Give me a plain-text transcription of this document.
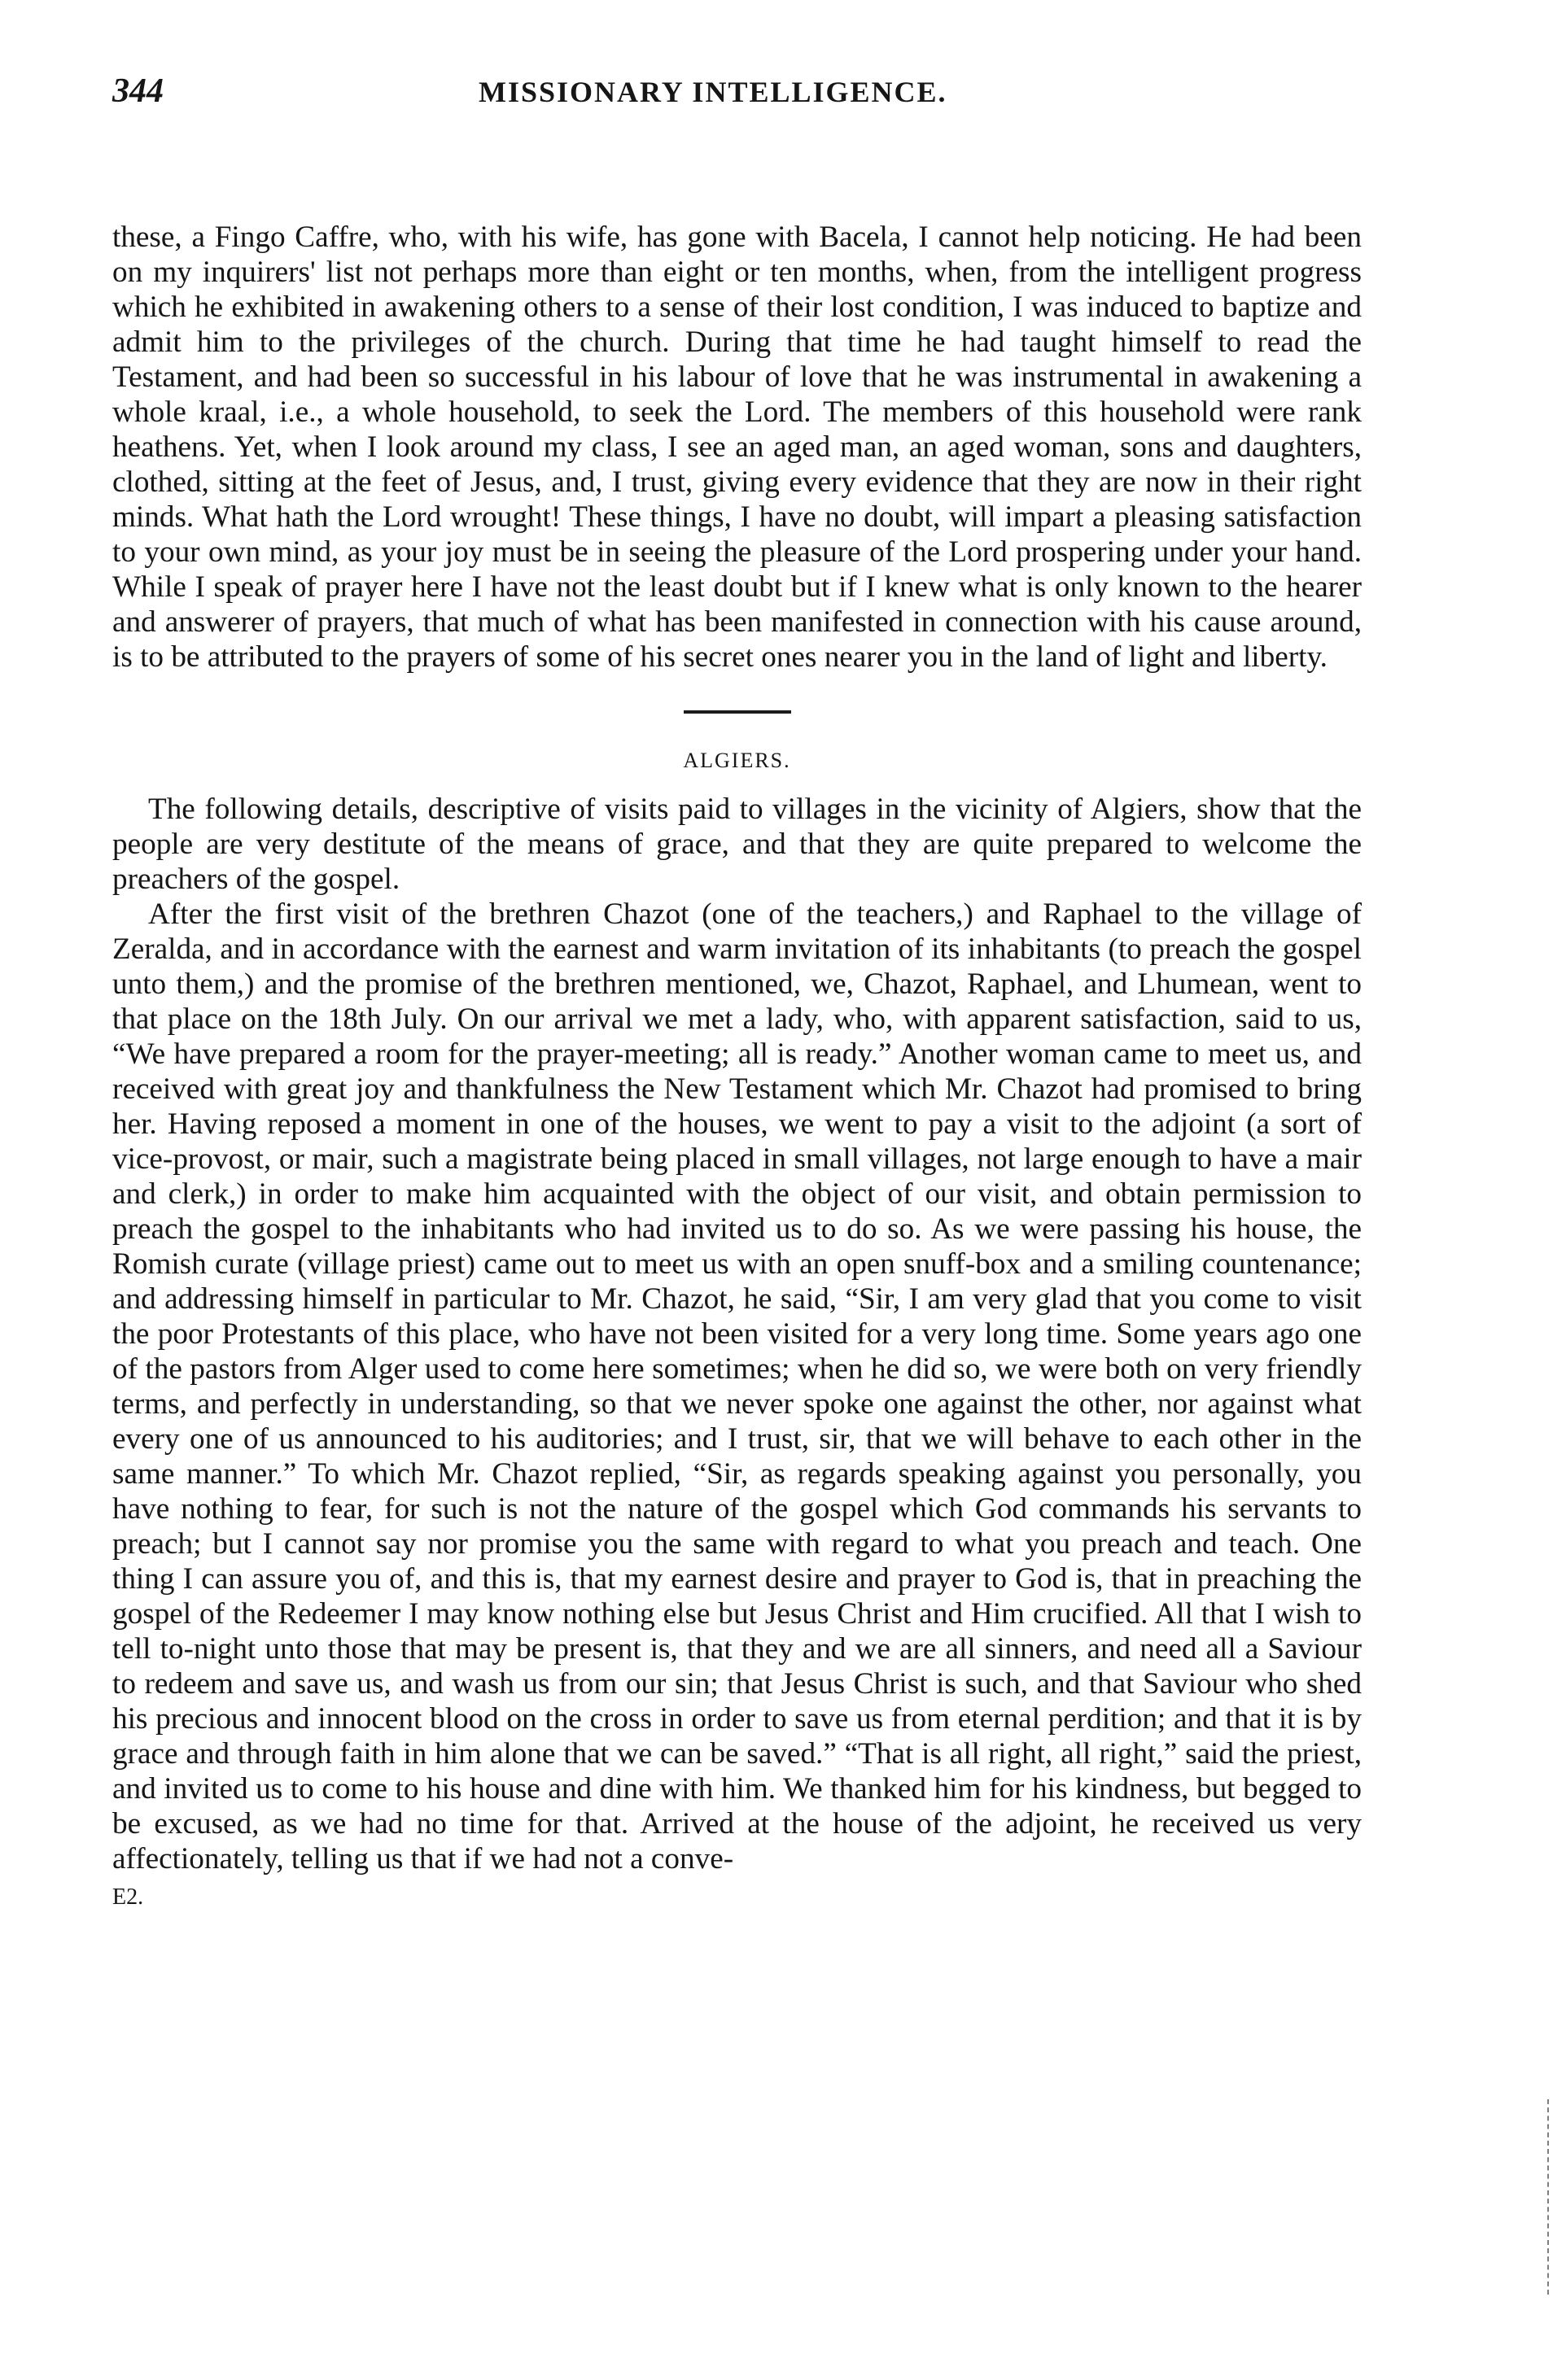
344	MISSIONARY INTELLIGENCE.

these, a Fingo Caffre, who, with his wife, has gone with Bacela, I cannot help noticing. He had been on my inquirers' list not perhaps more than eight or ten months, when, from the intelligent progress which he exhibited in awakening others to a sense of their lost condition, I was induced to baptize and admit him to the privileges of the church. During that time he had taught himself to read the Testament, and had been so successful in his labour of love that he was instrumental in awakening a whole kraal, i.e., a whole household, to seek the Lord. The members of this household were rank heathens. Yet, when I look around my class, I see an aged man, an aged woman, sons and daughters, clothed, sitting at the feet of Jesus, and, I trust, giving every evidence that they are now in their right minds. What hath the Lord wrought! These things, I have no doubt, will impart a pleasing satisfaction to your own mind, as your joy must be in seeing the pleasure of the Lord prospering under your hand. While I speak of prayer here I have not the least doubt but if I knew what is only known to the hearer and answerer of prayers, that much of what has been manifested in connection with his cause around, is to be attributed to the prayers of some of his secret ones nearer you in the land of light and liberty.

ALGIERS.

The following details, descriptive of visits paid to villages in the vicinity of Algiers, show that the people are very destitute of the means of grace, and that they are quite prepared to welcome the preachers of the gospel.

After the first visit of the brethren Chazot (one of the teachers,) and Raphael to the village of Zeralda, and in accordance with the earnest and warm invitation of its inhabitants (to preach the gospel unto them,) and the promise of the brethren mentioned, we, Chazot, Raphael, and Lhumean, went to that place on the 18th July. On our arrival we met a lady, who, with apparent satisfaction, said to us, “We have prepared a room for the prayer-meeting; all is ready.” Another woman came to meet us, and received with great joy and thankfulness the New Testament which Mr. Chazot had promised to bring her. Having reposed a moment in one of the houses, we went to pay a visit to the adjoint (a sort of vice-provost, or mair, such a magistrate being placed in small villages, not large enough to have a mair and clerk,) in order to make him acquainted with the object of our visit, and obtain permission to preach the gospel to the inhabitants who had invited us to do so. As we were passing his house, the Romish curate (village priest) came out to meet us with an open snuff-box and a smiling countenance; and addressing himself in particular to Mr. Chazot, he said, “Sir, I am very glad that you come to visit the poor Protestants of this place, who have not been visited for a very long time. Some years ago one of the pastors from Alger used to come here sometimes; when he did so, we were both on very friendly terms, and perfectly in understanding, so that we never spoke one against the other, nor against what every one of us announced to his auditories; and I trust, sir, that we will behave to each other in the same manner.” To which Mr. Chazot replied, “Sir, as regards speaking against you personally, you have nothing to fear, for such is not the nature of the gospel which God commands his servants to preach; but I cannot say nor promise you the same with regard to what you preach and teach. One thing I can assure you of, and this is, that my earnest desire and prayer to God is, that in preaching the gospel of the Redeemer I may know nothing else but Jesus Christ and Him crucified. All that I wish to tell to-night unto those that may be present is, that they and we are all sinners, and need all a Saviour to redeem and save us, and wash us from our sin; that Jesus Christ is such, and that Saviour who shed his precious and innocent blood on the cross in order to save us from eternal perdition; and that it is by grace and through faith in him alone that we can be saved.” “That is all right, all right,” said the priest, and invited us to come to his house and dine with him. We thanked him for his kindness, but begged to be excused, as we had no time for that. Arrived at the house of the adjoint, he received us very affectionately, telling us that if we had not a conve-

E2.
